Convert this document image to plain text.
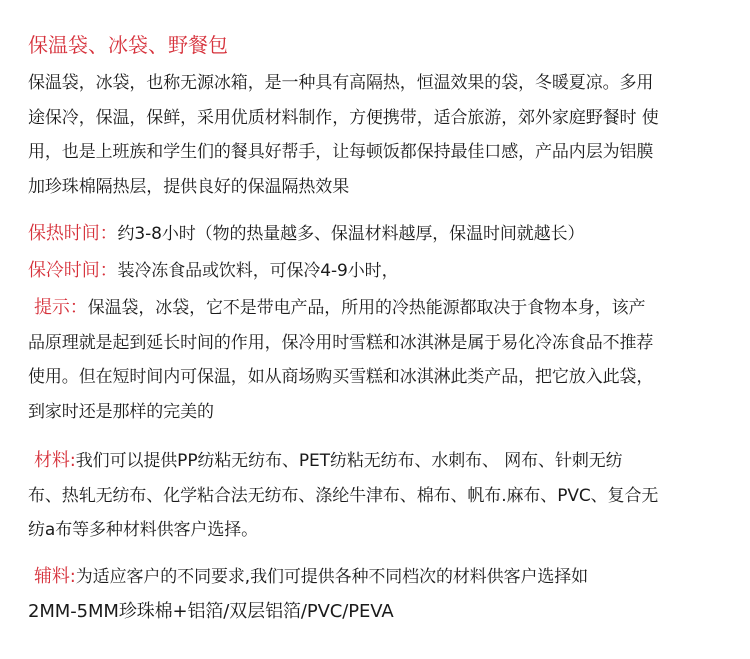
保温袋、冰袋、野餐包
保温袋，冰袋，也称无源冰箱，是一种具有高隔热，恒温效果的袋，冬暖夏凉。多用
途保冷，保温，保鲜，采用优质材料制作，方便携带，适合旅游，郊外家庭野餐时 使
用，也是上班族和学生们的餐具好帮手，让每顿饭都保持最佳口感，产品内层为铝膜
加珍珠棉隔热层，提供良好的保温隔热效果
保热时间：约3-8小时（物的热量越多、保温材料越厚，保温时间就越长）
保冷时间：装冷冻食品或饮料，可保冷4-9小时，
提示：保温袋，冰袋，它不是带电产品，所用的冷热能源都取决于食物本身，该产
品原理就是起到延长时间的作用，保冷用时雪糕和冰淇淋是属于易化冷冻食品不推荐
使用。但在短时间内可保温，如从商场购买雪糕和冰淇淋此类产品，把它放入此袋，
到家时还是那样的完美的
材料:我们可以提供PP纺粘无纺布、PET纺粘无纺布、水刺布、 网布、针刺无纺
布、热轧无纺布、化学粘合法无纺布、涤纶牛津布、棉布、帆布.麻布、PVC、复合无
纺a布等多种材料供客户选择。
辅料:为适应客户的不同要求,我们可提供各种不同档次的材料供客户选择如
2MM-5MM珍珠棉+铝箔/双层铝箔/PVC/PEVA
